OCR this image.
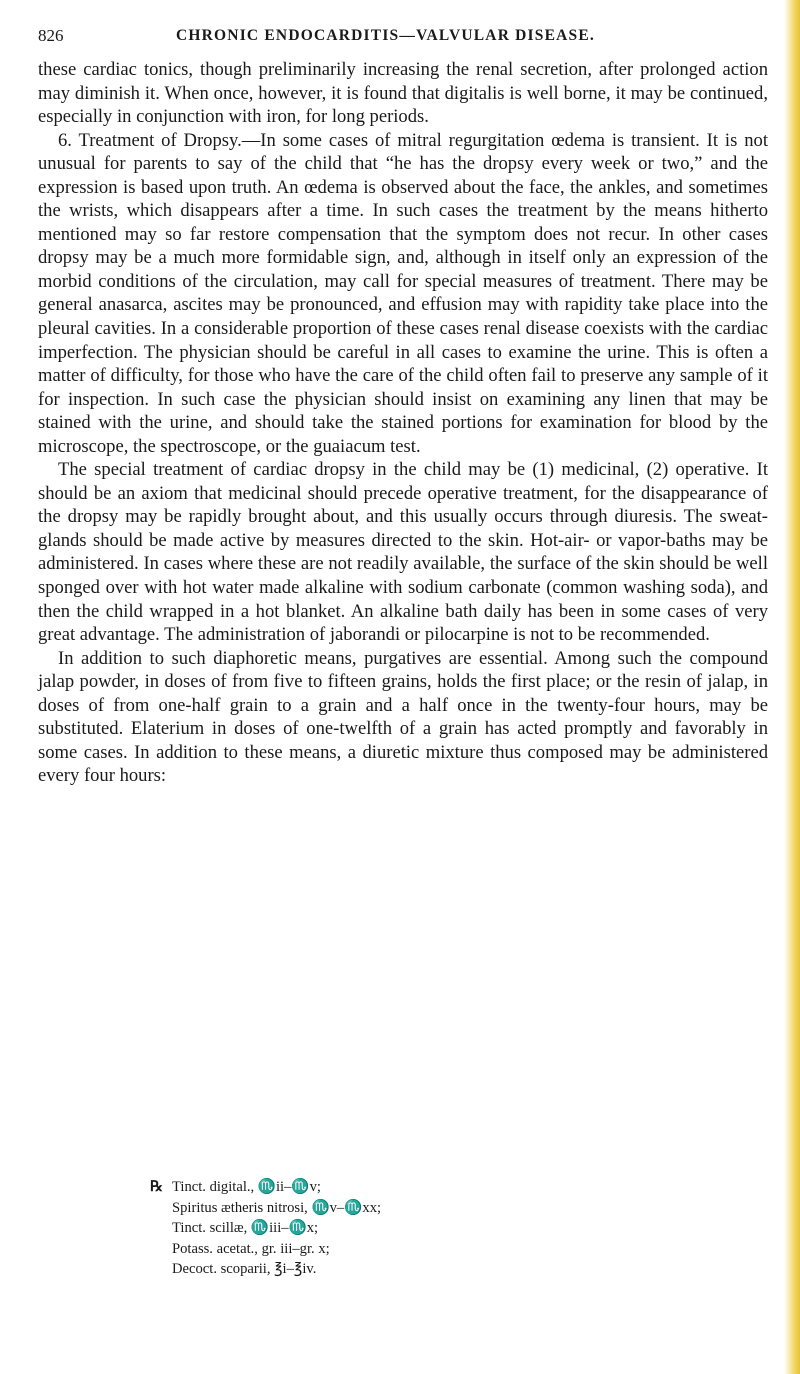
826	CHRONIC ENDOCARDITIS—VALVULAR DISEASE.

these cardiac tonics, though preliminarily increasing the renal secretion, after prolonged action may diminish it. When once, however, it is found that digitalis is well borne, it may be continued, especially in conjunction with iron, for long periods.

6. Treatment of Dropsy.—In some cases of mitral regurgitation œdema is transient. It is not unusual for parents to say of the child that “he has the dropsy every week or two,” and the expression is based upon truth. An œdema is observed about the face, the ankles, and sometimes the wrists, which disappears after a time. In such cases the treatment by the means hitherto mentioned may so far restore compensation that the symptom does not recur. In other cases dropsy may be a much more formidable sign, and, although in itself only an expression of the morbid conditions of the circulation, may call for special measures of treatment. There may be general anasarca, ascites may be pronounced, and effusion may with rapidity take place into the pleural cavities. In a considerable proportion of these cases renal disease coexists with the cardiac imperfection. The physician should be careful in all cases to examine the urine. This is often a matter of difficulty, for those who have the care of the child often fail to preserve any sample of it for inspection. In such case the physician should insist on examining any linen that may be stained with the urine, and should take the stained portions for examination for blood by the microscope, the spectroscope, or the guaiacum test.

The special treatment of cardiac dropsy in the child may be (1) medicinal, (2) operative. It should be an axiom that medicinal should precede operative treatment, for the disappearance of the dropsy may be rapidly brought about, and this usually occurs through diuresis. The sweat-glands should be made active by measures directed to the skin. Hot-air- or vapor-baths may be administered. In cases where these are not readily available, the surface of the skin should be well sponged over with hot water made alkaline with sodium carbonate (common washing soda), and then the child wrapped in a hot blanket. An alkaline bath daily has been in some cases of very great advantage. The administration of jaborandi or pilocarpine is not to be recommended.

In addition to such diaphoretic means, purgatives are essential. Among such the compound jalap powder, in doses of from five to fifteen grains, holds the first place; or the resin of jalap, in doses of from one-half grain to a grain and a half once in the twenty-four hours, may be substituted. Elaterium in doses of one-twelfth of a grain has acted promptly and favorably in some cases. In addition to these means, a diuretic mixture thus composed may be administered every four hours:

℞ Tinct. digital., ♏ii–♏v;
Spiritus ætheris nitrosi, ♏v–♏xx;
Tinct. scillæ, ♏iii–♏x;
Potass. acetat., gr. iii–gr. x;
Decoct. scoparii, ℥i–℥iv.
